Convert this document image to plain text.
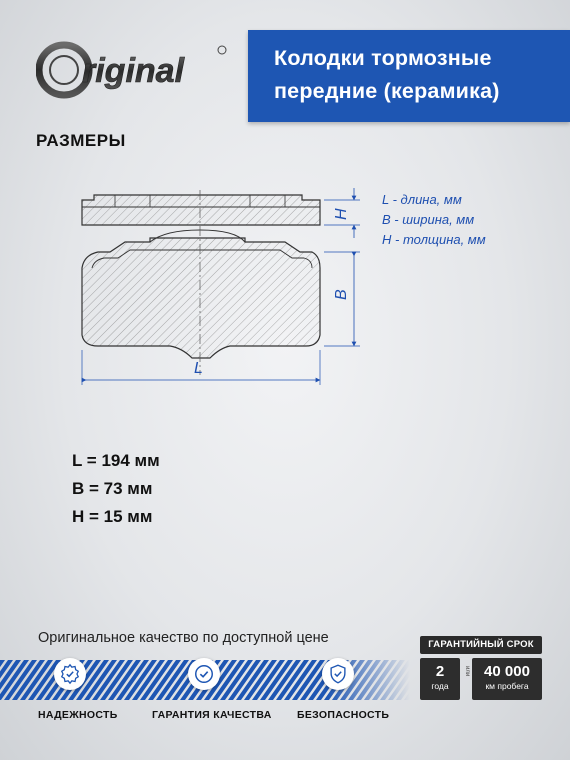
riginal	Колодки тормозные
передние (керамика)
РАЗМЕРЫ
L
B
H
L - длина, мм
B - ширина, мм
H - толщина, мм
L = 194 мм
B = 73 мм
H = 15 мм
Оригинальное качество по доступной цене
НАДЕЖНОСТЬ	ГАРАНТИЯ КАЧЕСТВА БЕЗОПАСНОСТЬ
ГАРАНТИЙНЫЙ СРОК
2
года
или 40 000
км пробега
